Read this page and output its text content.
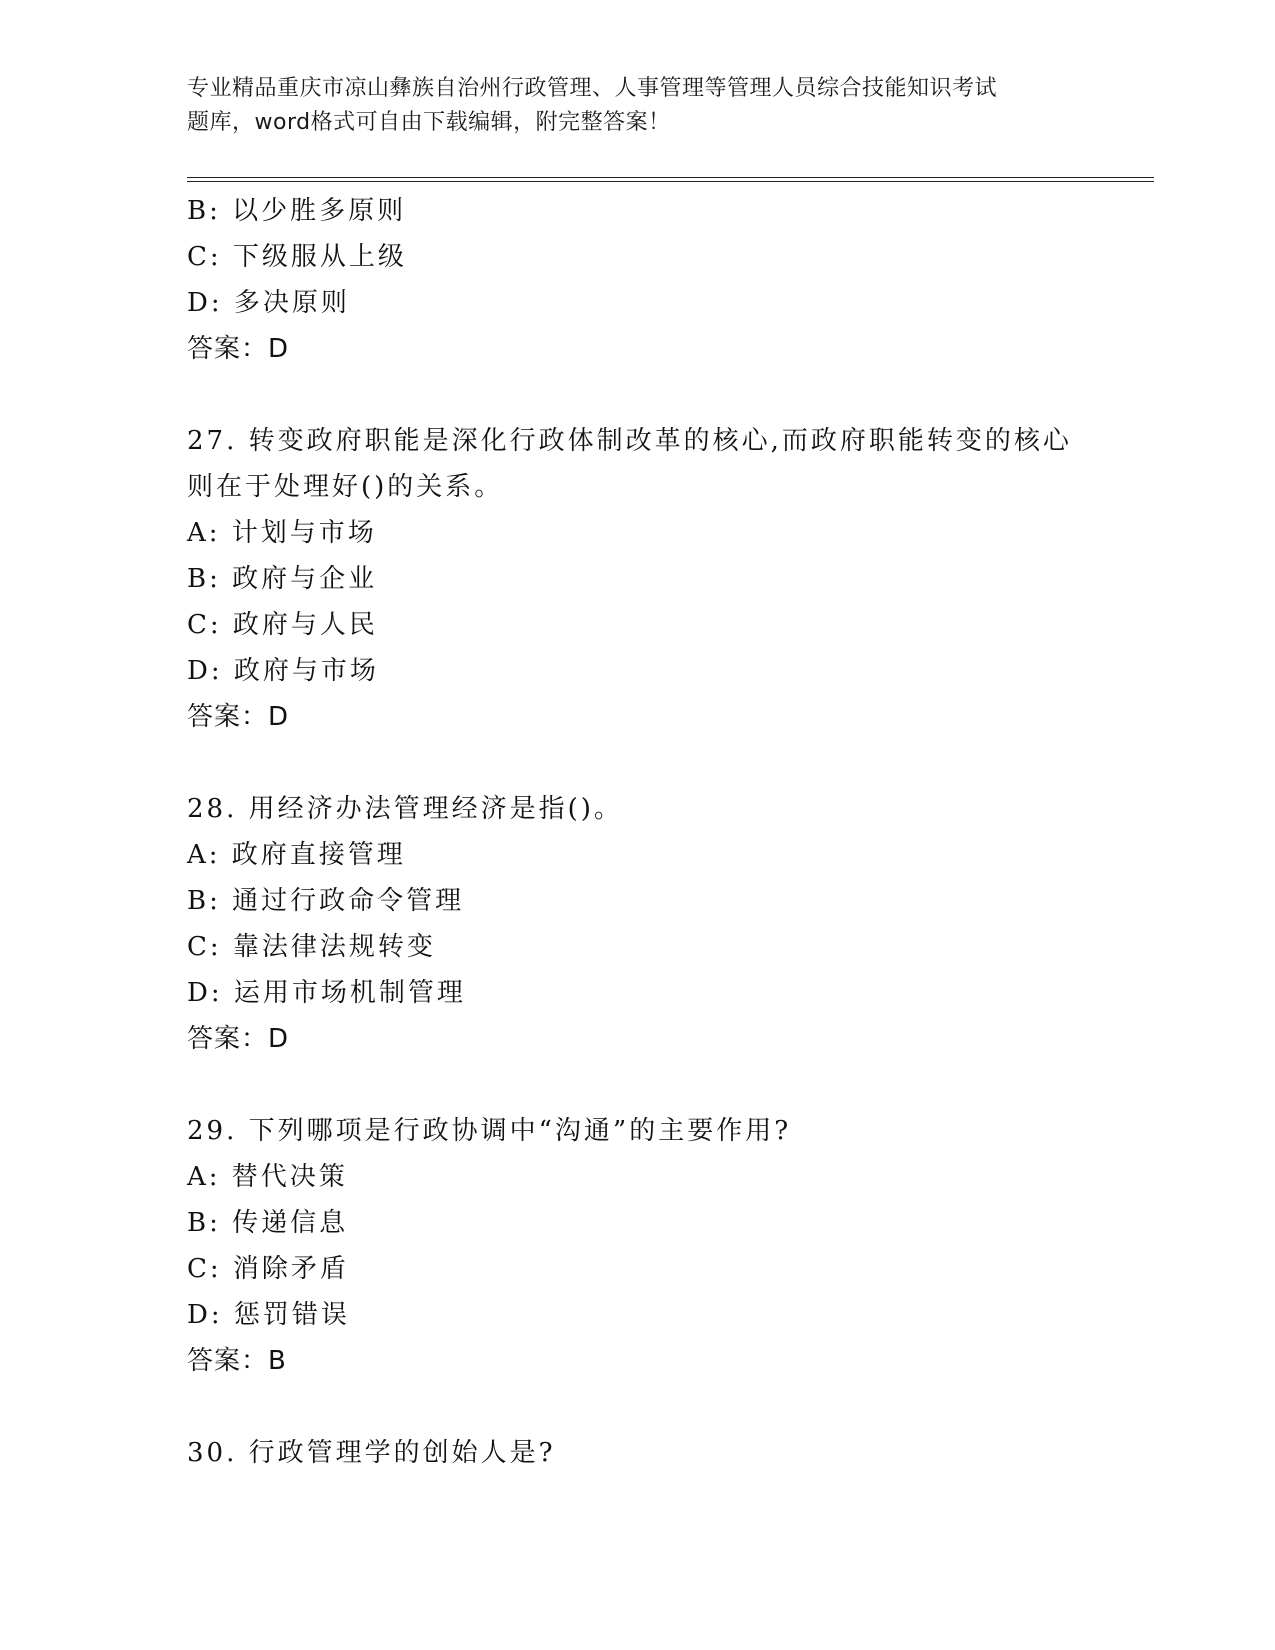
专业精品重庆市凉山彝族自治州行政管理、人事管理等管理人员综合技能知识考试
题库，word格式可自由下载编辑，附完整答案！
B: 以少胜多原则
C: 下级服从上级
D: 多决原则
答案：D
27. 转变政府职能是深化行政体制改革的核心,而政府职能转变的核心
则在于处理好()的关系。
A: 计划与市场
B: 政府与企业
C: 政府与人民
D: 政府与市场
答案：D
28. 用经济办法管理经济是指()。
A: 政府直接管理
B: 通过行政命令管理
C: 靠法律法规转变
D: 运用市场机制管理
答案：D
29. 下列哪项是行政协调中“沟通”的主要作用?
A: 替代决策
B: 传递信息
C: 消除矛盾
D: 惩罚错误
答案：B
30. 行政管理学的创始人是?
